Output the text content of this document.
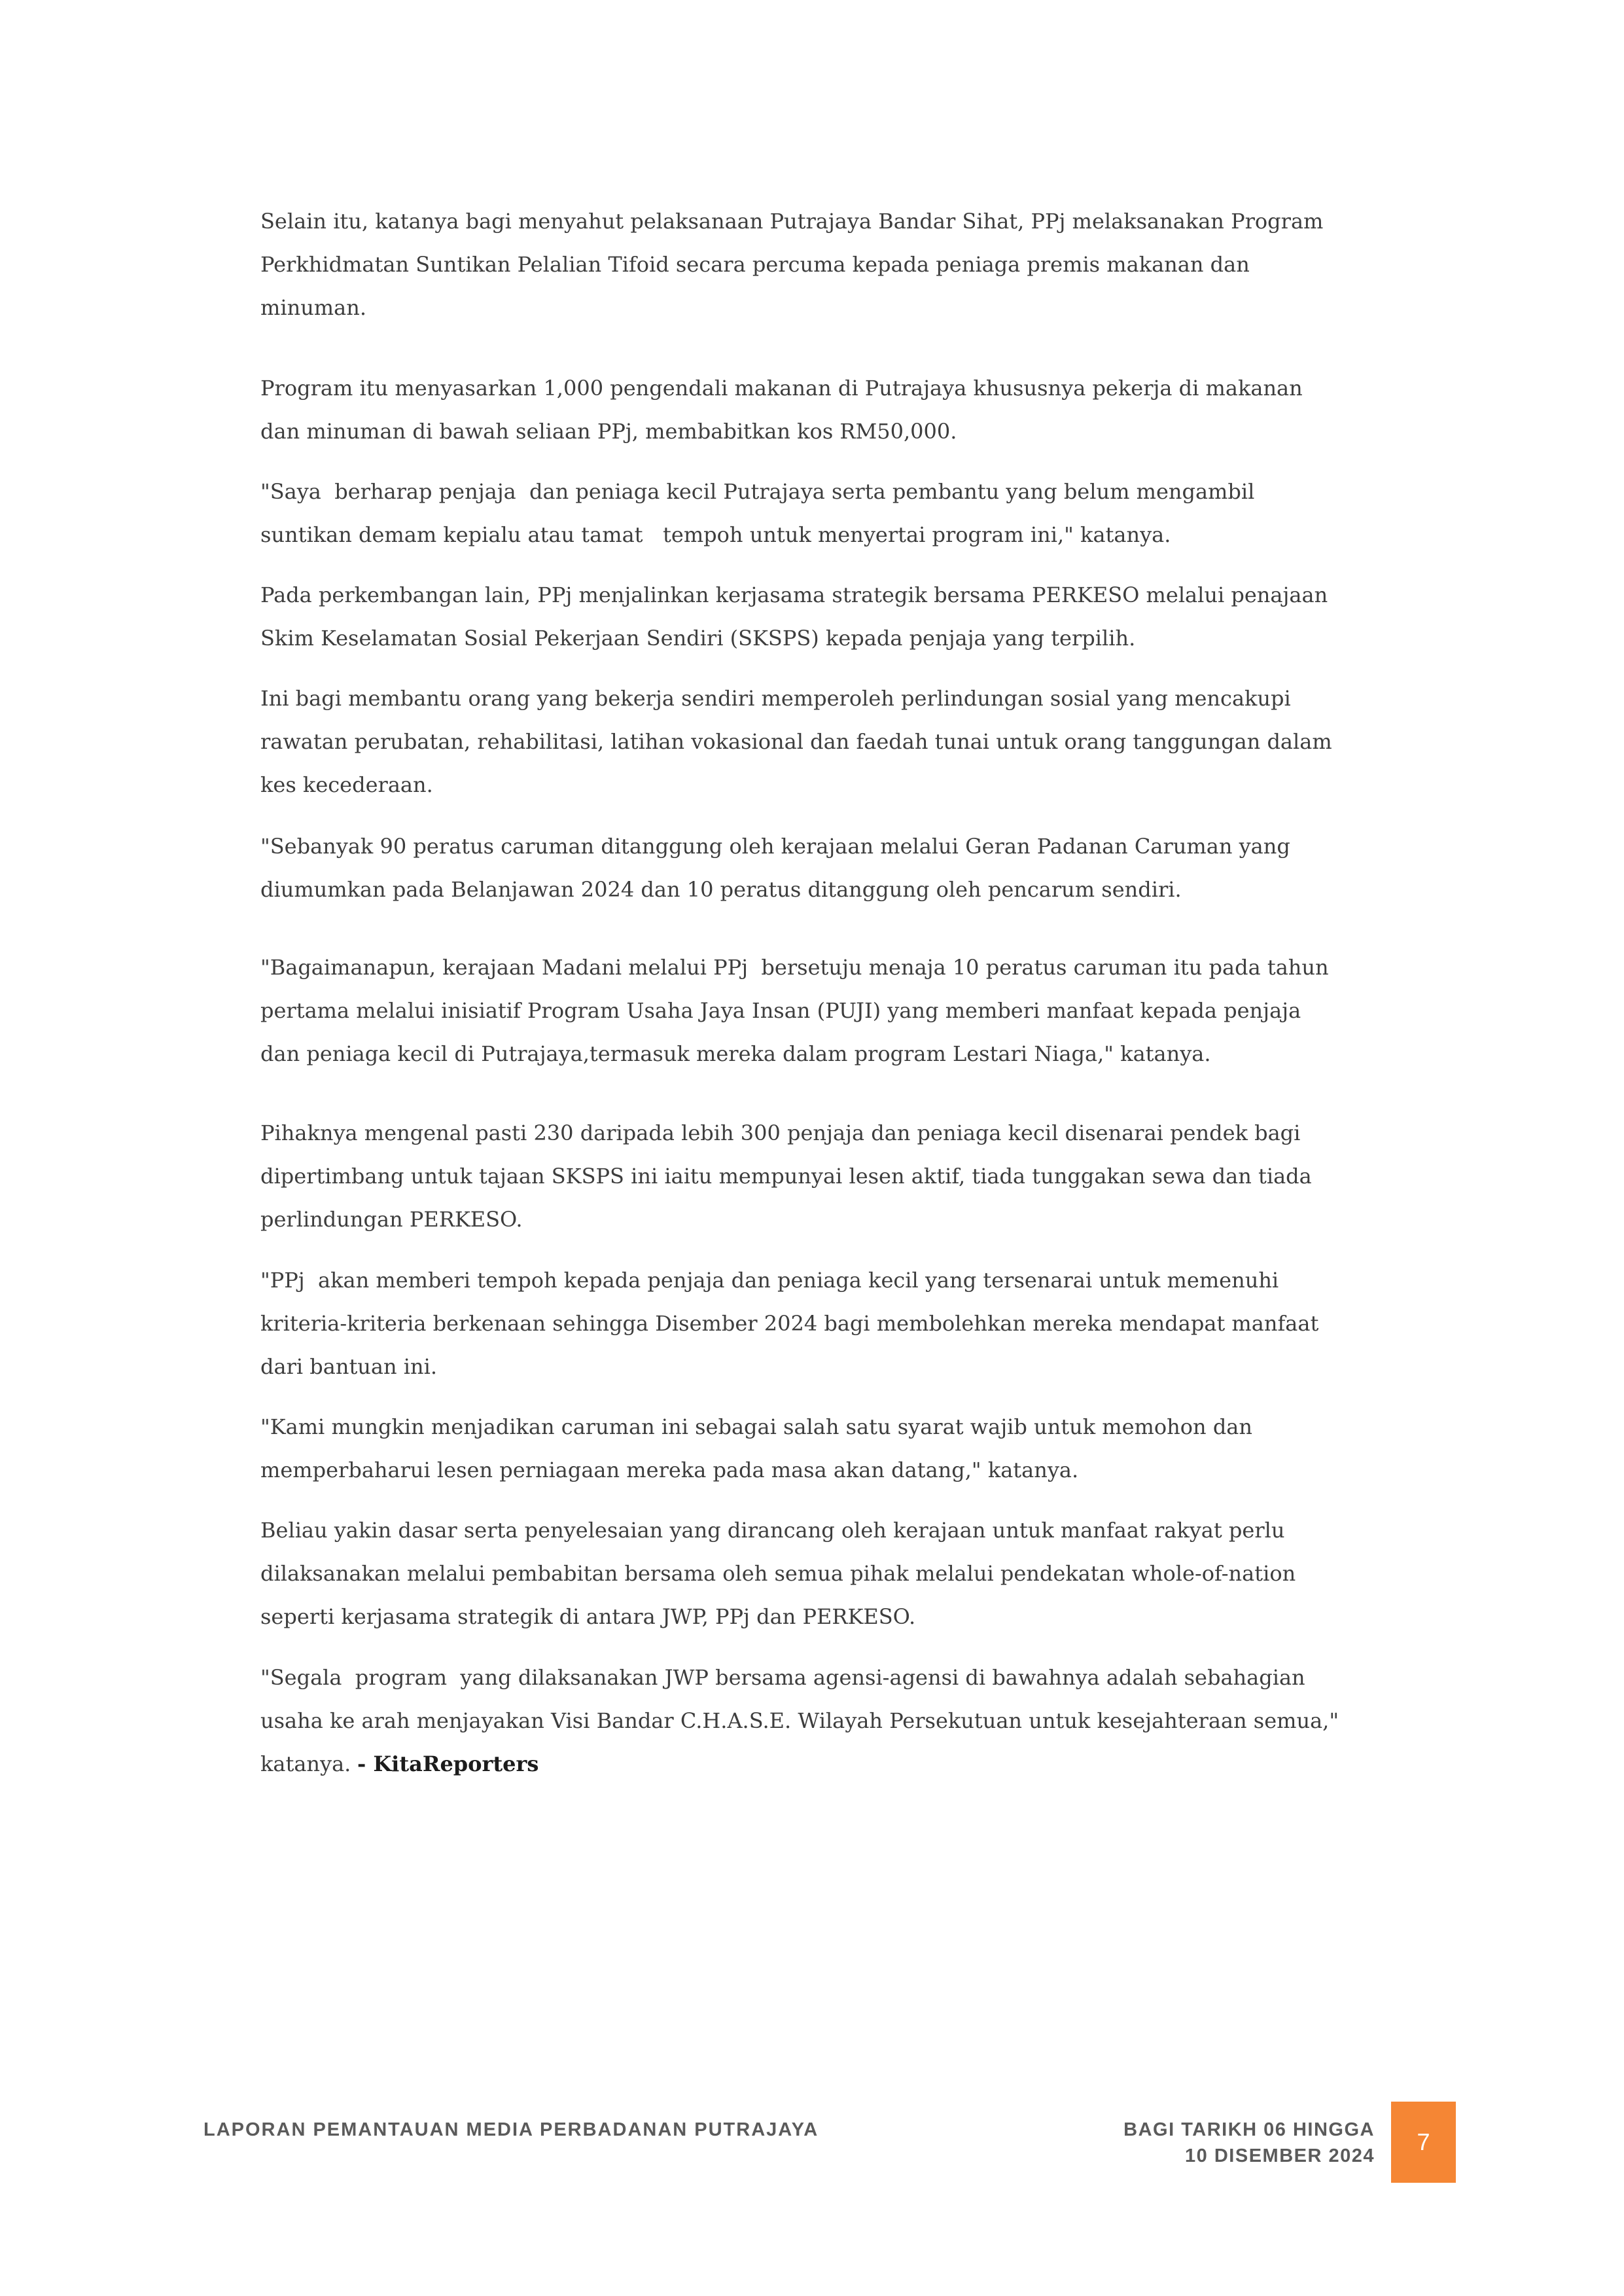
Selain itu, katanya bagi menyahut pelaksanaan Putrajaya Bandar Sihat, PPj melaksanakan Program
Perkhidmatan Suntikan Pelalian Tifoid secara percuma kepada peniaga premis makanan dan
minuman.
Program itu menyasarkan 1,000 pengendali makanan di Putrajaya khususnya pekerja di makanan
dan minuman di bawah seliaan PPj, membabitkan kos RM50,000.
"Saya  berharap penjaja  dan peniaga kecil Putrajaya serta pembantu yang belum mengambil
suntikan demam kepialu atau tamat   tempoh untuk menyertai program ini," katanya.
Pada perkembangan lain, PPj menjalinkan kerjasama strategik bersama PERKESO melalui penajaan
Skim Keselamatan Sosial Pekerjaan Sendiri (SKSPS) kepada penjaja yang terpilih.
Ini bagi membantu orang yang bekerja sendiri memperoleh perlindungan sosial yang mencakupi
rawatan perubatan, rehabilitasi, latihan vokasional dan faedah tunai untuk orang tanggungan dalam
kes kecederaan.
"Sebanyak 90 peratus caruman ditanggung oleh kerajaan melalui Geran Padanan Caruman yang
diumumkan pada Belanjawan 2024 dan 10 peratus ditanggung oleh pencarum sendiri.
"Bagaimanapun, kerajaan Madani melalui PPj  bersetuju menaja 10 peratus caruman itu pada tahun
pertama melalui inisiatif Program Usaha Jaya Insan (PUJI) yang memberi manfaat kepada penjaja
dan peniaga kecil di Putrajaya,termasuk mereka dalam program Lestari Niaga," katanya.
Pihaknya mengenal pasti 230 daripada lebih 300 penjaja dan peniaga kecil disenarai pendek bagi
dipertimbang untuk tajaan SKSPS ini iaitu mempunyai lesen aktif, tiada tunggakan sewa dan tiada
perlindungan PERKESO.
"PPj  akan memberi tempoh kepada penjaja dan peniaga kecil yang tersenarai untuk memenuhi
kriteria-kriteria berkenaan sehingga Disember 2024 bagi membolehkan mereka mendapat manfaat
dari bantuan ini.
"Kami mungkin menjadikan caruman ini sebagai salah satu syarat wajib untuk memohon dan
memperbaharui lesen perniagaan mereka pada masa akan datang," katanya.
Beliau yakin dasar serta penyelesaian yang dirancang oleh kerajaan untuk manfaat rakyat perlu
dilaksanakan melalui pembabitan bersama oleh semua pihak melalui pendekatan whole-of-nation
seperti kerjasama strategik di antara JWP, PPj dan PERKESO.
"Segala  program  yang dilaksanakan JWP bersama agensi-agensi di bawahnya adalah sebahagian
usaha ke arah menjayakan Visi Bandar C.H.A.S.E. Wilayah Persekutuan untuk kesejahteraan semua,"
katanya. - KitaReporters
LAPORAN PEMANTAUAN MEDIA PERBADANAN PUTRAJAYA	BAGI TARIKH 06 HINGGA
10 DISEMBER 2024
7
